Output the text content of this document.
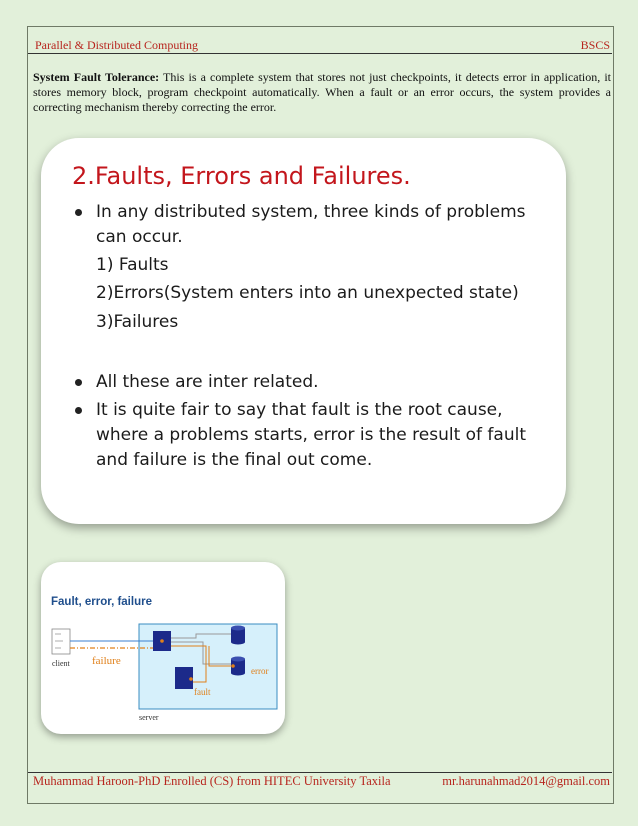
Parallel & Distributed Computing	BSCS
System Fault Tolerance: This is a complete system that stores not just checkpoints, it detects error in application, it stores memory block, program checkpoint automatically. When a fault or an error occurs, the system provides a correcting mechanism thereby correcting the error.
2.Faults, Errors and Failures.
In any distributed system, three kinds of problems
can occur.
1) Faults
2)Errors(System enters into an unexpected state)
3)Failures
All these are inter related.
It is quite fair to say that fault is the root cause,
where a problems starts, error is the result of fault
and failure is the final out come.
Fault, error, failure
server
client failure
error
fault
Muhammad Haroon-PhD Enrolled (CS) from HITEC University Taxila	mr.harunahmad2014@gmail.com
